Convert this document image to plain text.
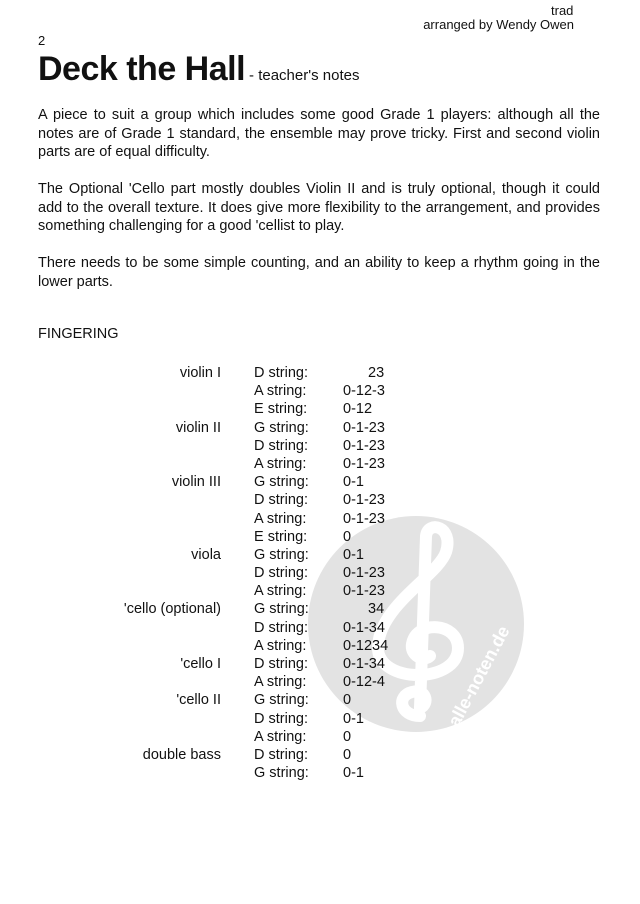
trad
arranged by Wendy Owen
2
Deck the Hall - teacher's notes

A piece to suit a group which includes some good Grade 1 players: although all the notes are of Grade 1 standard, the ensemble may prove tricky. First and second violin parts are of equal difficulty.

The Optional 'Cello part mostly doubles Violin II and is truly optional, though it could add to the overall texture. It does give more flexibility to the arrangement, and provides something challenging for a good 'cellist to play.

There needs to be some simple counting, and an ability to keep a rhythm going in the lower parts.

FINGERING
alle-noten.de
violin I D string:	23
A string:	0-12-3
E string: 0-12
violin II G string: 0-1-23
D string: 0-1-23
A string:	0-1-23
violin III G string: 0-1
D string: 0-1-23
A string:	0-1-23
E string: 0
viola G string: 0-1
D string: 0-1-23
A string:	0-1-23
'cello (optional) G string:	34
D string: 0-1-34
A string:	0-1234
'cello I D string: 0-1-34
A string:	0-12-4
'cello II G string: 0
D string: 0-1
A string:	0
double bass D string: 0
G string: 0-1
